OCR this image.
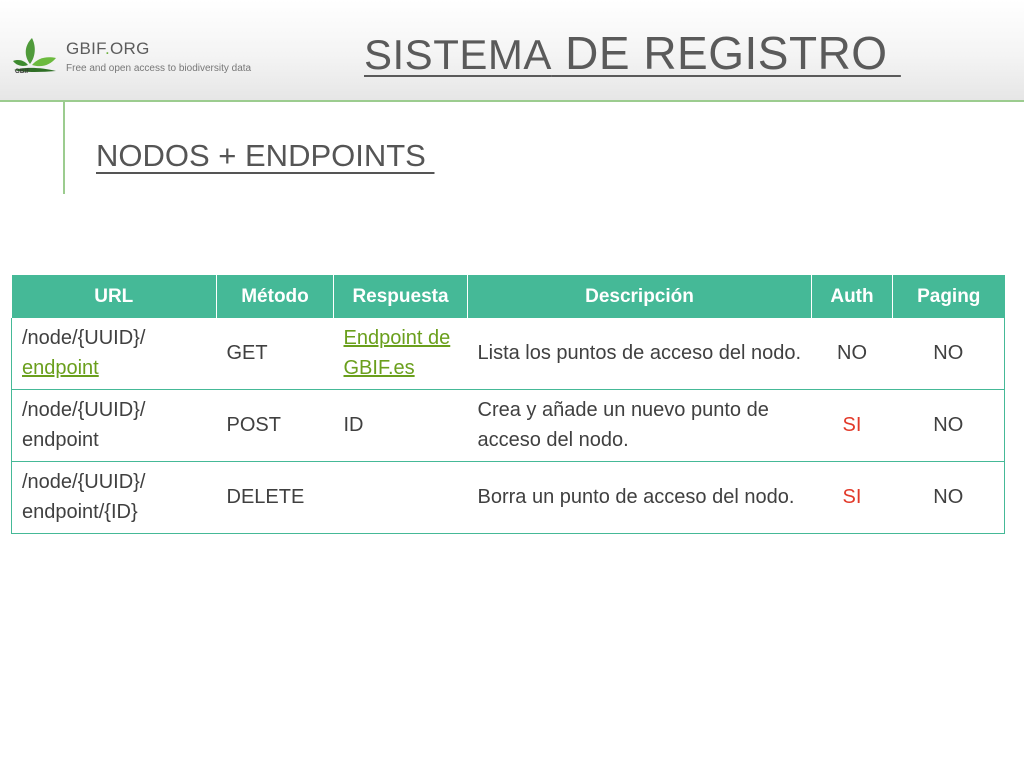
GBIF
GBIF.ORG
Free and open access to biodiversity data	SISTEMA DE REGISTRO
NODOS + ENDPOINTS
URL	Método	Respuesta	Descripción	Auth	Paging
/node/{UUID}/
endpoint	GET	Endpoint de GBIF.es	Lista los puntos de acceso del nodo.	NO	NO
/node/{UUID}/
endpoint	POST	ID	Crea y añade un nuevo punto de acceso del nodo.	SI	NO
/node/{UUID}/
endpoint/{ID}	DELETE		Borra un punto de acceso del nodo.	SI	NO
